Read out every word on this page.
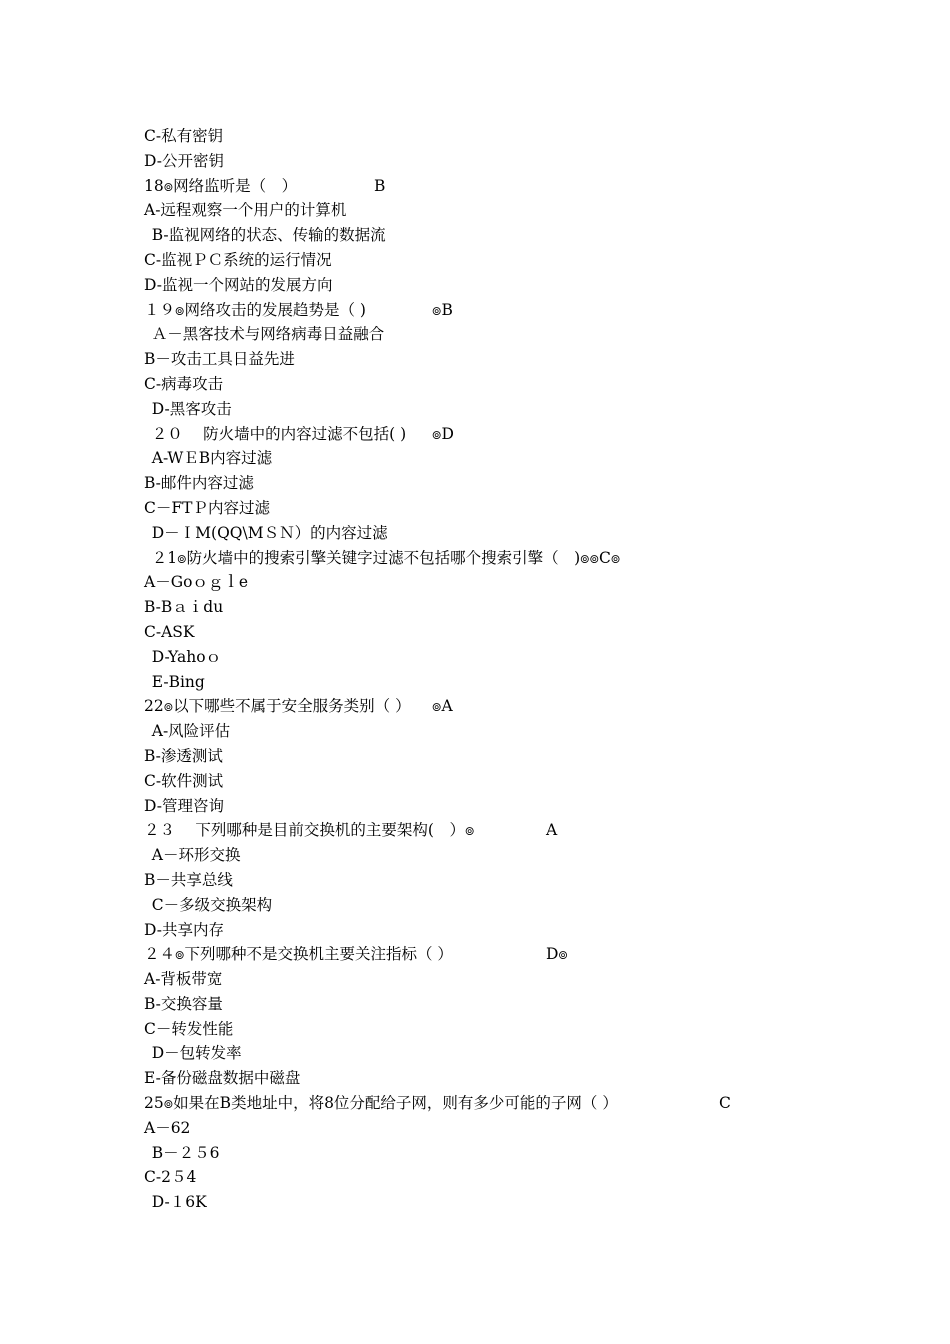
C-私有密钥
D-公开密钥
18๏网络监听是（　）	B
A-远程观察一个用户的计算机
 B-监视网络的状态、传输的数据流
C-监视ＰＣ系统的运行情况
D-监视一个网站的发展方向
１９๏网络攻击的发展趋势是（ )	๏B
 Ａ－黑客技术与网络病毒日益融合
B－攻击工具日益先进
C-病毒攻击
 D-黑客攻击
 ２０　 防火墙中的内容过滤不包括( ) ๏D
 A-WＥB内容过滤
B-邮件内容过滤
C－FTＰ内容过滤
 D－ＩM(QQ\MＳＮ）的内容过滤
 ２1๏防火墙中的搜索引擎关键字过滤不包括哪个搜索引擎（　)๏๏C๏
A－Goｏｇｌe
B-Bａｉdu
C-ASK
 D-Yahoｏ
 E-Bing
22๏以下哪些不属于安全服务类别（ ） ๏A
 A-风险评估
B-渗透测试
C-软件测试
D-管理咨询
２３　 下列哪种是目前交换机的主要架构(　）๏	A
 A－环形交换
B－共享总线
 C－多级交换架构
D-共享内存
２４๏下列哪种不是交换机主要关注指标（ ）	D๏
A-背板带宽
B-交换容量
C－转发性能
 D－包转发率
E-备份磁盘数据中磁盘
25๏如果在B类地址中，将8位分配给子网，则有多少可能的子网（ ）	C
A－62
 B－２５6
C-2５4
 D-１6K
